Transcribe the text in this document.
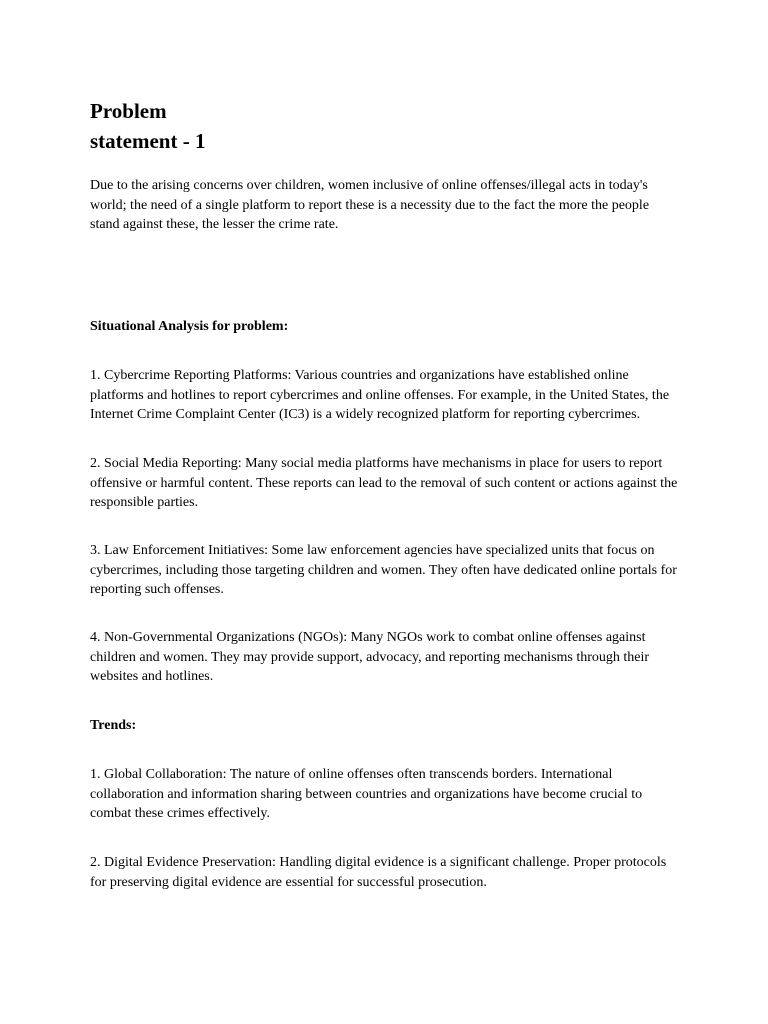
Problem
statement - 1

Due to the arising concerns over children, women inclusive of online offenses/illegal acts in today's world; the need of a single platform to report these is a necessity due to the fact the more the people stand against these, the lesser the crime rate.

Situational Analysis for problem:

1. Cybercrime Reporting Platforms: Various countries and organizations have established online platforms and hotlines to report cybercrimes and online offenses. For example, in the United States, the Internet Crime Complaint Center (IC3) is a widely recognized platform for reporting cybercrimes.

2. Social Media Reporting: Many social media platforms have mechanisms in place for users to report offensive or harmful content. These reports can lead to the removal of such content or actions against the responsible parties.

3. Law Enforcement Initiatives: Some law enforcement agencies have specialized units that focus on cybercrimes, including those targeting children and women. They often have dedicated online portals for reporting such offenses.

4. Non-Governmental Organizations (NGOs): Many NGOs work to combat online offenses against children and women. They may provide support, advocacy, and reporting mechanisms through their websites and hotlines.

Trends:

1. Global Collaboration: The nature of online offenses often transcends borders. International collaboration and information sharing between countries and organizations have become crucial to combat these crimes effectively.

2. Digital Evidence Preservation: Handling digital evidence is a significant challenge. Proper protocols for preserving digital evidence are essential for successful prosecution.
